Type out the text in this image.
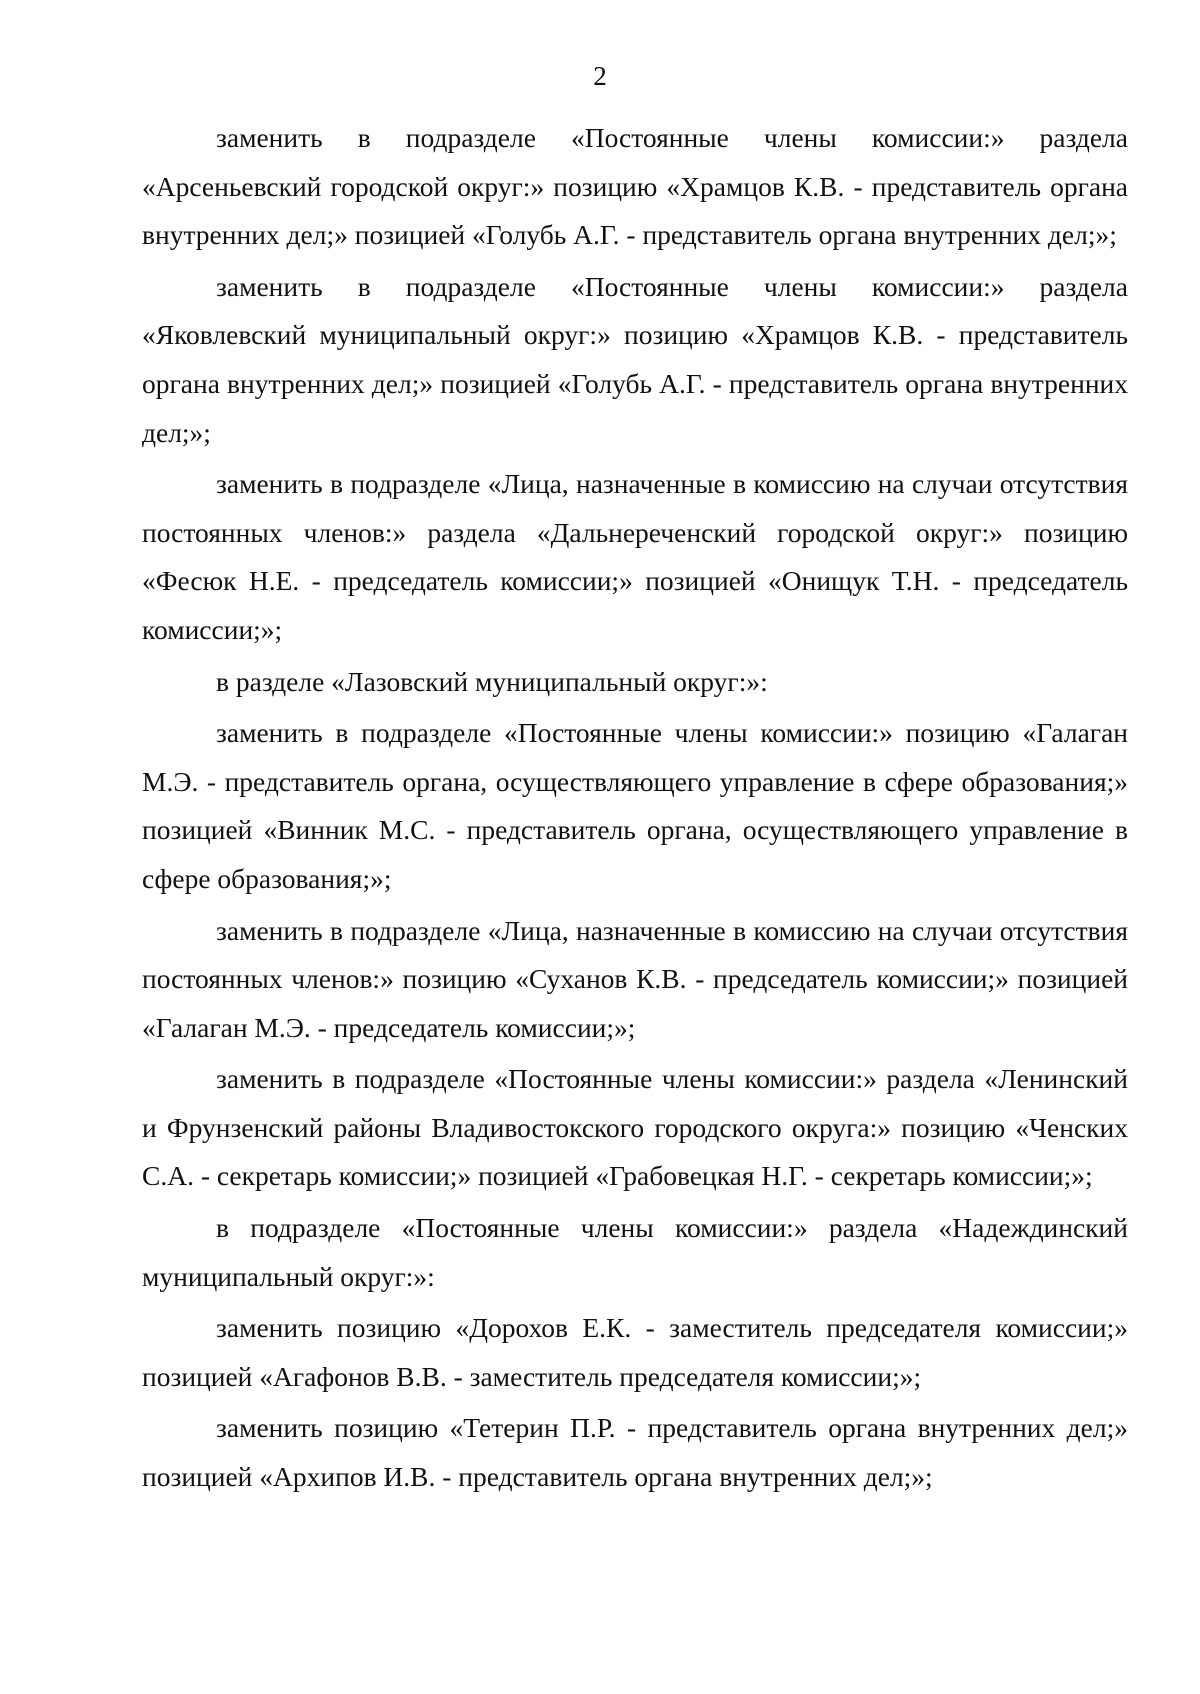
2

заменить в подразделе «Постоянные члены комиссии:» раздела «Арсеньевский городской округ:» позицию «Храмцов К.В. - представитель органа внутренних дел;» позицией «Голубь А.Г. - представитель органа внутренних дел;»;

заменить в подразделе «Постоянные члены комиссии:» раздела «Яковлевский муниципальный округ:» позицию «Храмцов К.В. - представитель органа внутренних дел;» позицией «Голубь А.Г. - представитель органа внутренних дел;»;

заменить в подразделе «Лица, назначенные в комиссию на случаи отсутствия постоянных членов:» раздела «Дальнереченский городской округ:» позицию «Фесюк Н.Е. - председатель комиссии;» позицией «Онищук Т.Н. - председатель комиссии;»;

в разделе «Лазовский муниципальный округ:»:

заменить в подразделе «Постоянные члены комиссии:» позицию «Галаган М.Э. - представитель органа, осуществляющего управление в сфере образования;» позицией «Винник М.С. - представитель органа, осуществляющего управление в сфере образования;»;

заменить в подразделе «Лица, назначенные в комиссию на случаи отсутствия постоянных членов:» позицию «Суханов К.В. - председатель комиссии;» позицией «Галаган М.Э. - председатель комиссии;»;

заменить в подразделе «Постоянные члены комиссии:» раздела «Ленинский и Фрунзенский районы Владивостокского городского округа:» позицию «Ченских С.А. - секретарь комиссии;» позицией «Грабовецкая Н.Г. - секретарь комиссии;»;

в подразделе «Постоянные члены комиссии:» раздела «Надеждинский муниципальный округ:»:

заменить позицию «Дорохов Е.К. - заместитель председателя комиссии;» позицией «Агафонов В.В. - заместитель председателя комиссии;»;

заменить позицию «Тетерин П.Р. - представитель органа внутренних дел;» позицией «Архипов И.В. - представитель органа внутренних дел;»;
